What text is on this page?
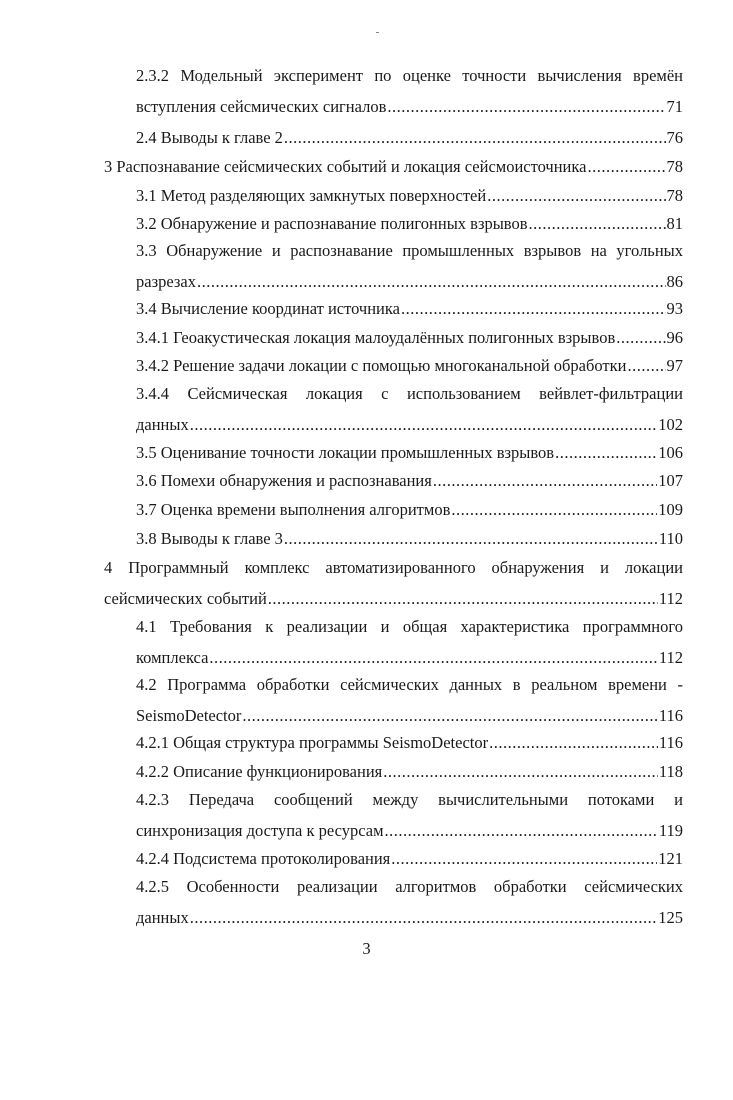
2.3.2 Модельный эксперимент по оценке точности вычисления времён
вступления сейсмических сигналов .....	71
2.4 Выводы к главе 2 .....	76
3 Распознавание сейсмических событий и локация сейсмоисточника .....	78
3.1 Метод разделяющих замкнутых поверхностей .....	78
3.2 Обнаружение и распознавание полигонных взрывов .....	81
3.3 Обнаружение и распознавание промышленных взрывов на угольных
разрезах .....	86
3.4 Вычисление координат источника .....	93
3.4.1 Геоакустическая локация малоудалённых полигонных взрывов .....	96
3.4.2 Решение задачи локации с помощью многоканальной обработки ..... 97
3.4.4 Сейсмическая локация с использованием вейвлет-фильтрации
данных .....	102
3.5 Оценивание точности локации промышленных взрывов .....	106
3.6 Помехи обнаружения и распознавания .....	107
3.7 Оценка времени выполнения алгоритмов .....	109
3.8 Выводы к главе 3 .....	110
4 Программный комплекс автоматизированного обнаружения и локации
сейсмических событий .....	112
4.1 Требования к реализации и общая характеристика программного
комплекса .....	112
4.2 Программа обработки сейсмических данных в реальном времени -
SeismoDetector .....	116
4.2.1 Общая структура программы SeismoDetector .....	116
4.2.2 Описание функционирования .....	118
4.2.3 Передача сообщений между вычислительными потоками и
синхронизация доступа к ресурсам .....	119
4.2.4 Подсистема протоколирования .....	121
4.2.5 Особенности реализации алгоритмов обработки сейсмических
данных .....	125
3
